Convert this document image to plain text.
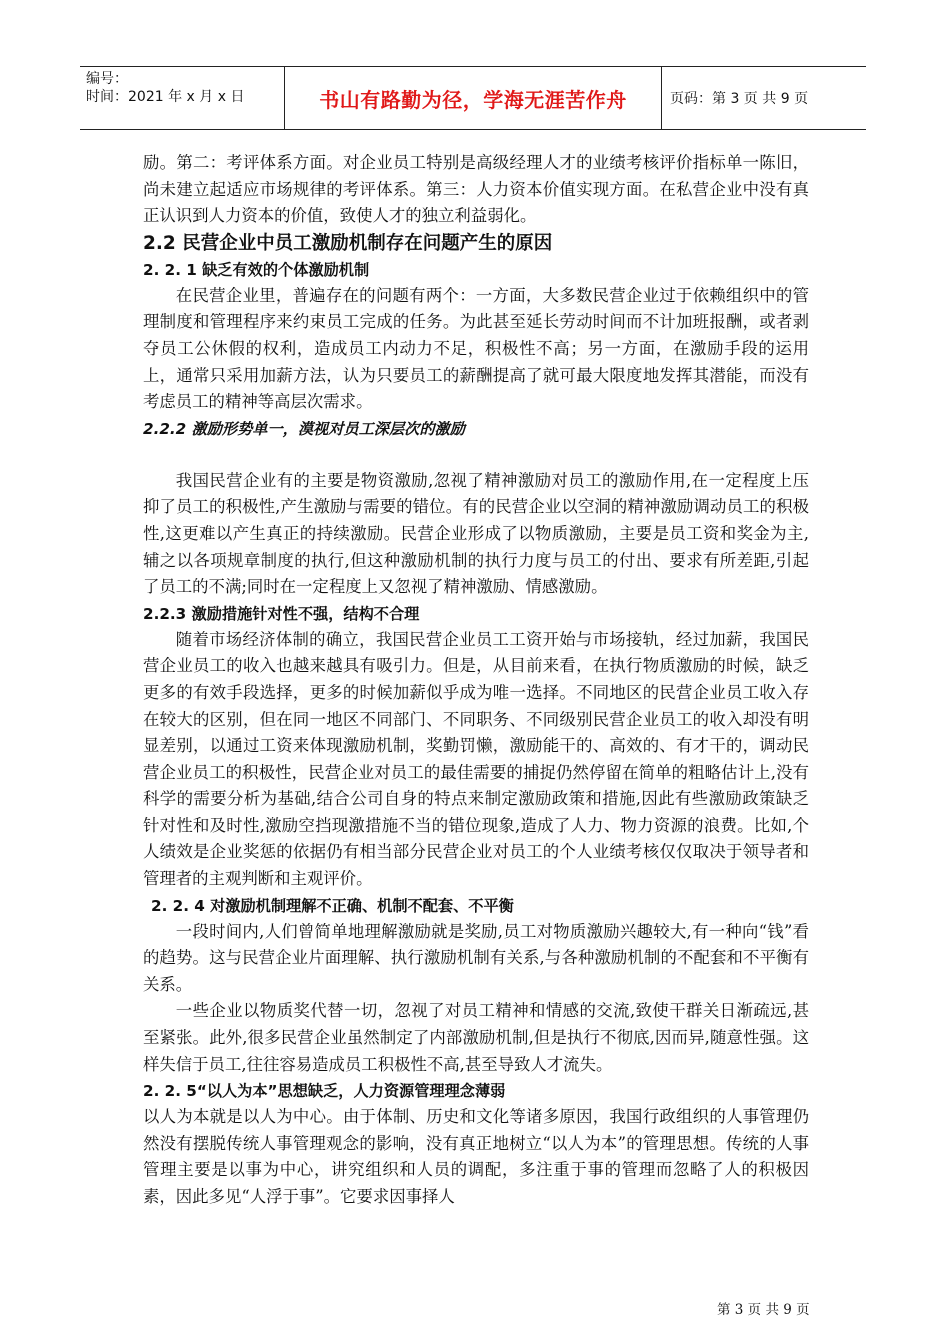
编号：
时间：2021 年 x 月 x 日	书山有路勤为径，学海无涯苦作舟	页码：第 3 页 共 9 页

励。第二：考评体系方面。对企业员工特别是高级经理人才的业绩考核评价指标单一陈旧，尚未建立起适应市场规律的考评体系。第三：人力资本价值实现方面。在私营企业中没有真正认识到人力资本的价值，致使人才的独立利益弱化。

2.2 民营企业中员工激励机制存在问题产生的原因

2. 2. 1 缺乏有效的个体激励机制

在民营企业里，普遍存在的问题有两个：一方面，大多数民营企业过于依赖组织中的管理制度和管理程序来约束员工完成的任务。为此甚至延长劳动时间而不计加班报酬，或者剥夺员工公休假的权利，造成员工内动力不足，积极性不高；另一方面，在激励手段的运用上，通常只采用加薪方法，认为只要员工的薪酬提高了就可最大限度地发挥其潜能，而没有考虑员工的精神等高层次需求。

2.2.2 激励形势单一，漠视对员工深层次的激励

我国民营企业有的主要是物资激励,忽视了精神激励对员工的激励作用,在一定程度上压抑了员工的积极性,产生激励与需要的错位。有的民营企业以空洞的精神激励调动员工的积极性,这更难以产生真正的持续激励。民营企业形成了以物质激励，主要是员工资和奖金为主,辅之以各项规章制度的执行,但这种激励机制的执行力度与员工的付出、要求有所差距,引起了员工的不满;同时在一定程度上又忽视了精神激励、情感激励。

2.2.3 激励措施针对性不强，结构不合理

随着市场经济体制的确立，我国民营企业员工工资开始与市场接轨，经过加薪，我国民营企业员工的收入也越来越具有吸引力。但是，从目前来看，在执行物质激励的时候，缺乏更多的有效手段选择，更多的时候加薪似乎成为唯一选择。不同地区的民营企业员工收入存在较大的区别，但在同一地区不同部门、不同职务、不同级别民营企业员工的收入却没有明显差别，以通过工资来体现激励机制，奖勤罚懒，激励能干的、高效的、有才干的，调动民营企业员工的积极性，民营企业对员工的最佳需要的捕捉仍然停留在简单的粗略估计上,没有科学的需要分析为基础,结合公司自身的特点来制定激励政策和措施,因此有些激励政策缺乏针对性和及时性,激励空挡现激措施不当的错位现象,造成了人力、物力资源的浪费。比如,个人绩效是企业奖惩的依据仍有相当部分民营企业对员工的个人业绩考核仅仅取决于领导者和管理者的主观判断和主观评价。

2. 2. 4 对激励机制理解不正确、机制不配套、不平衡

一段时间内,人们曾简单地理解激励就是奖励,员工对物质激励兴趣较大,有一种向“钱”看的趋势。这与民营企业片面理解、执行激励机制有关系,与各种激励机制的不配套和不平衡有关系。

一些企业以物质奖代替一切，忽视了对员工精神和情感的交流,致使干群关日渐疏远,甚至紧张。此外,很多民营企业虽然制定了内部激励机制,但是执行不彻底,因而异,随意性强。这样失信于员工,往往容易造成员工积极性不高,甚至导致人才流失。

2. 2. 5“以人为本”思想缺乏，人力资源管理理念薄弱

以人为本就是以人为中心。由于体制、历史和文化等诸多原因，我国行政组织的人事管理仍然没有摆脱传统人事管理观念的影响，没有真正地树立“以人为本”的管理思想。传统的人事管理主要是以事为中心，讲究组织和人员的调配，多注重于事的管理而忽略了人的积极因素，因此多见“人浮于事”。它要求因事择人

第 3 页 共 9 页
